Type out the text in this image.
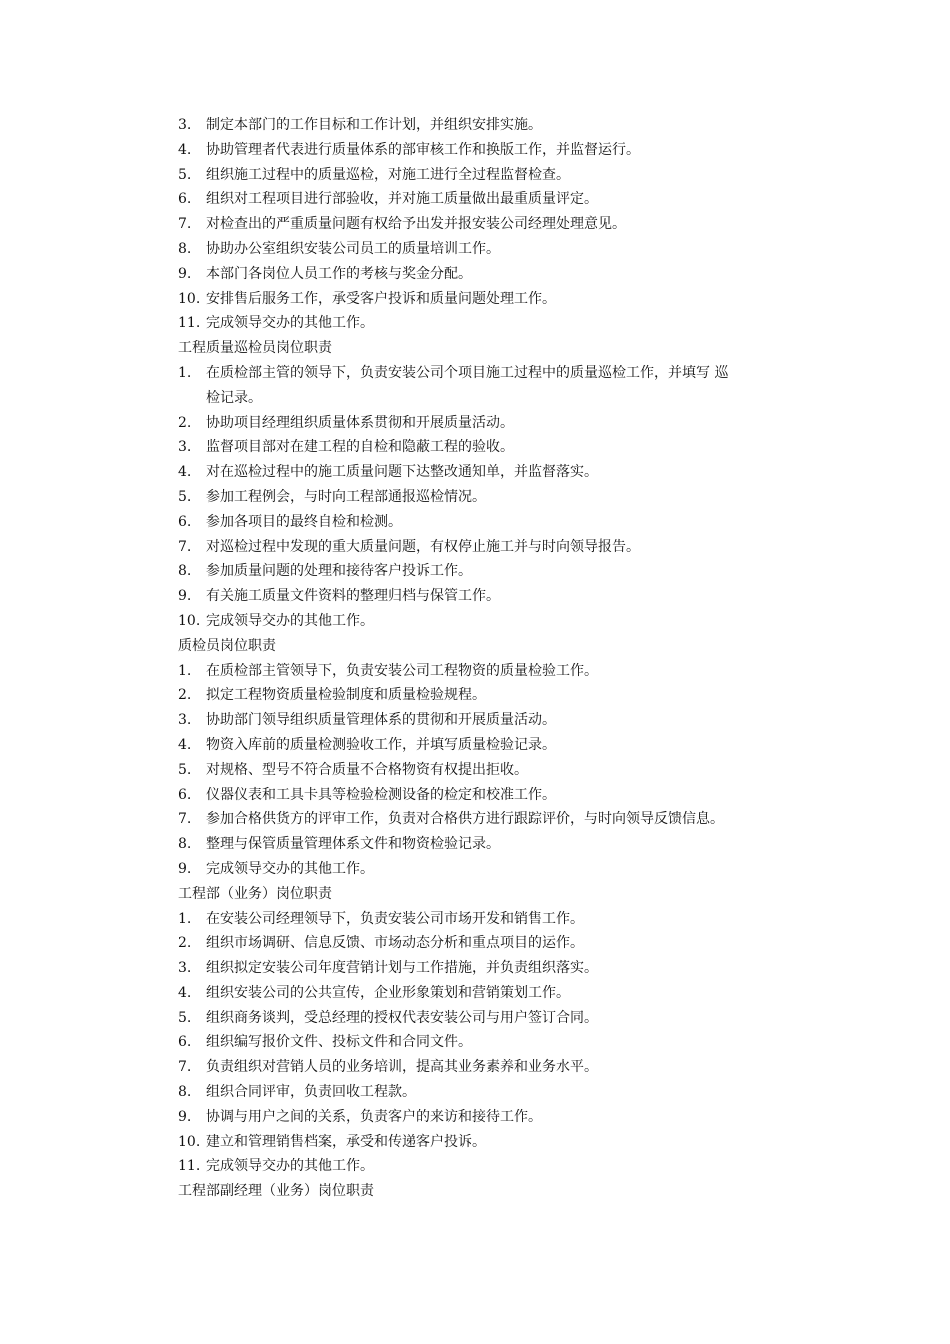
3. 制定本部门的工作目标和工作计划，并组织安排实施。
4. 协助管理者代表进行质量体系的部审核工作和换版工作，并监督运行。
5. 组织施工过程中的质量巡检，对施工进行全过程监督检查。
6. 组织对工程项目进行部验收，并对施工质量做出最重质量评定。
7. 对检查出的严重质量问题有权给予出发并报安装公司经理处理意见。
8. 协助办公室组织安装公司员工的质量培训工作。
9. 本部门各岗位人员工作的考核与奖金分配。
10. 安排售后服务工作，承受客户投诉和质量问题处理工作。
11. 完成领导交办的其他工作。
工程质量巡检员岗位职责
1. 在质检部主管的领导下，负责安装公司个项目施工过程中的质量巡检工作，并填写 巡
检记录。
2. 协助项目经理组织质量体系贯彻和开展质量活动。
3. 监督项目部对在建工程的自检和隐蔽工程的验收。
4. 对在巡检过程中的施工质量问题下达整改通知单，并监督落实。
5. 参加工程例会，与时向工程部通报巡检情况。
6. 参加各项目的最终自检和检测。
7. 对巡检过程中发现的重大质量问题，有权停止施工并与时向领导报告。
8. 参加质量问题的处理和接待客户投诉工作。
9. 有关施工质量文件资料的整理归档与保管工作。
10. 完成领导交办的其他工作。
质检员岗位职责
1. 在质检部主管领导下，负责安装公司工程物资的质量检验工作。
2. 拟定工程物资质量检验制度和质量检验规程。
3. 协助部门领导组织质量管理体系的贯彻和开展质量活动。
4. 物资入库前的质量检测验收工作，并填写质量检验记录。
5. 对规格、型号不符合质量不合格物资有权提出拒收。
6. 仪器仪表和工具卡具等检验检测设备的检定和校准工作。
7. 参加合格供货方的评审工作，负责对合格供方进行跟踪评价，与时向领导反馈信息。
8. 整理与保管质量管理体系文件和物资检验记录。
9. 完成领导交办的其他工作。
工程部（业务）岗位职责
1. 在安装公司经理领导下，负责安装公司市场开发和销售工作。
2. 组织市场调研、信息反馈、市场动态分析和重点项目的运作。
3. 组织拟定安装公司年度营销计划与工作措施，并负责组织落实。
4. 组织安装公司的公共宣传，企业形象策划和营销策划工作。
5. 组织商务谈判，受总经理的授权代表安装公司与用户签订合同。
6. 组织编写报价文件、投标文件和合同文件。
7. 负责组织对营销人员的业务培训，提高其业务素养和业务水平。
8. 组织合同评审，负责回收工程款。
9. 协调与用户之间的关系，负责客户的来访和接待工作。
10. 建立和管理销售档案，承受和传递客户投诉。
11. 完成领导交办的其他工作。
工程部副经理（业务）岗位职责
